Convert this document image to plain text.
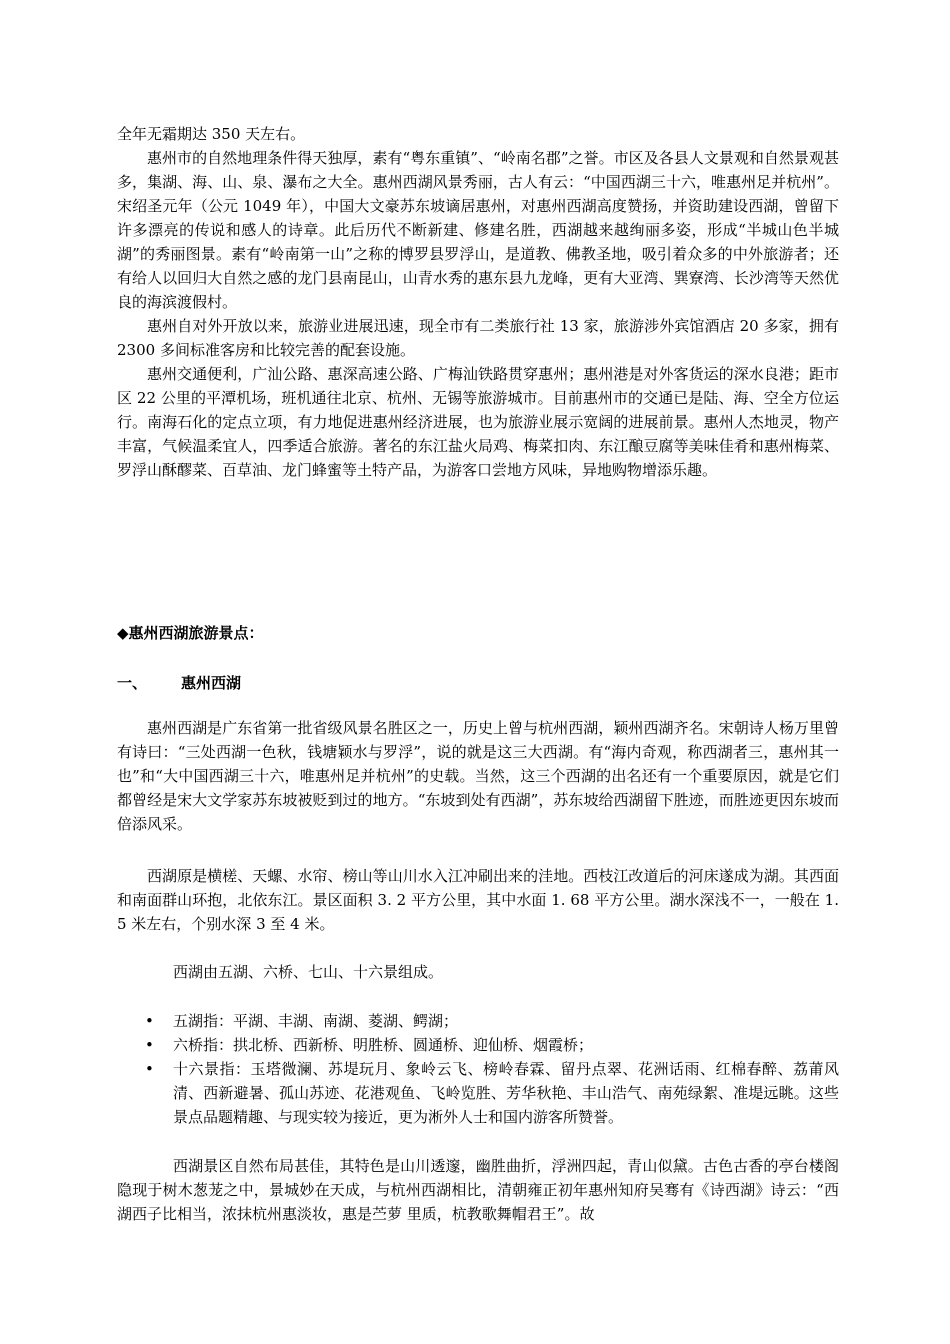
全年无霜期达 350 天左右。

惠州市的自然地理条件得天独厚，素有“粤东重镇”、“岭南名郡”之誉。市区及各县人文景观和自然景观甚多，集湖、海、山、泉、瀑布之大全。惠州西湖风景秀丽，古人有云：“中国西湖三十六，唯惠州足并杭州”。宋绍圣元年（公元 1049 年），中国大文豪苏东坡谪居惠州，对惠州西湖高度赞扬，并资助建设西湖，曾留下许多漂亮的传说和感人的诗章。此后历代不断新建、修建名胜，西湖越来越绚丽多姿，形成“半城山色半城湖”的秀丽图景。素有“岭南第一山”之称的博罗县罗浮山，是道教、佛教圣地，吸引着众多的中外旅游者；还有给人以回归大自然之感的龙门县南昆山，山青水秀的惠东县九龙峰，更有大亚湾、巽寮湾、长沙湾等天然优良的海滨渡假村。

惠州自对外开放以来，旅游业进展迅速，现全市有二类旅行社 13 家，旅游涉外宾馆酒店 20 多家，拥有 2300 多间标准客房和比较完善的配套设施。

惠州交通便利，广汕公路、惠深高速公路、广梅汕铁路贯穿惠州；惠州港是对外客货运的深水良港；距市区 22 公里的平潭机场，班机通往北京、杭州、无锡等旅游城市。目前惠州市的交通已是陆、海、空全方位运行。南海石化的定点立项，有力地促进惠州经济进展，也为旅游业展示宽阔的进展前景。惠州人杰地灵，物产丰富，气候温柔宜人，四季适合旅游。著名的东江盐火局鸡、梅菜扣肉、东江酿豆腐等美味佳肴和惠州梅菜、罗浮山酥醪菜、百草油、龙门蜂蜜等土特产品，为游客口尝地方风味，异地购物增添乐趣。

◆惠州西湖旅游景点：
一、 惠州西湖

惠州西湖是广东省第一批省级风景名胜区之一，历史上曾与杭州西湖，颖州西湖齐名。宋朝诗人杨万里曾有诗曰：“三处西湖一色秋，钱塘颖水与罗浮”，说的就是这三大西湖。有“海内奇观，称西湖者三，惠州其一也”和“大中国西湖三十六，唯惠州足并杭州”的史载。当然，这三个西湖的出名还有一个重要原因，就是它们都曾经是宋大文学家苏东坡被贬到过的地方。“东坡到处有西湖”，苏东坡给西湖留下胜迹，而胜迹更因东坡而倍添风采。

西湖原是横槎、天螺、水帘、榜山等山川水入江冲刷出来的洼地。西枝江改道后的河床遂成为湖。其西面和南面群山环抱，北依东江。景区面积 3. 2 平方公里，其中水面 1. 68 平方公里。湖水深浅不一，一般在 1. 5 米左右，个别水深 3 至 4 米。

西湖由五湖、六桥、七山、十六景组成。

• 五湖指：平湖、丰湖、南湖、菱湖、鳄湖；
• 六桥指：拱北桥、西新桥、明胜桥、圆通桥、迎仙桥、烟霞桥；
• 十六景指：玉塔微澜、苏堤玩月、象岭云飞、榜岭春霖、留丹点翠、花洲话雨、红棉春醉、荔莆风清、西新避暑、孤山苏迹、花港观鱼、飞岭览胜、芳华秋艳、丰山浩气、南苑绿絮、准堤远眺。这些景点品题精趣、与现实较为接近，更为淅外人士和国内游客所赞誉。

西湖景区自然布局甚佳，其特色是山川透邃，幽胜曲折，浮洲四起，青山似黛。古色古香的亭台楼阁隐现于树木葱茏之中，景城妙在天成，与杭州西湖相比，清朝雍正初年惠州知府吴骞有《诗西湖》诗云：“西湖西子比相当，浓抹杭州惠淡妆，惠是苎萝 里质，杭教歌舞帽君王”。故
